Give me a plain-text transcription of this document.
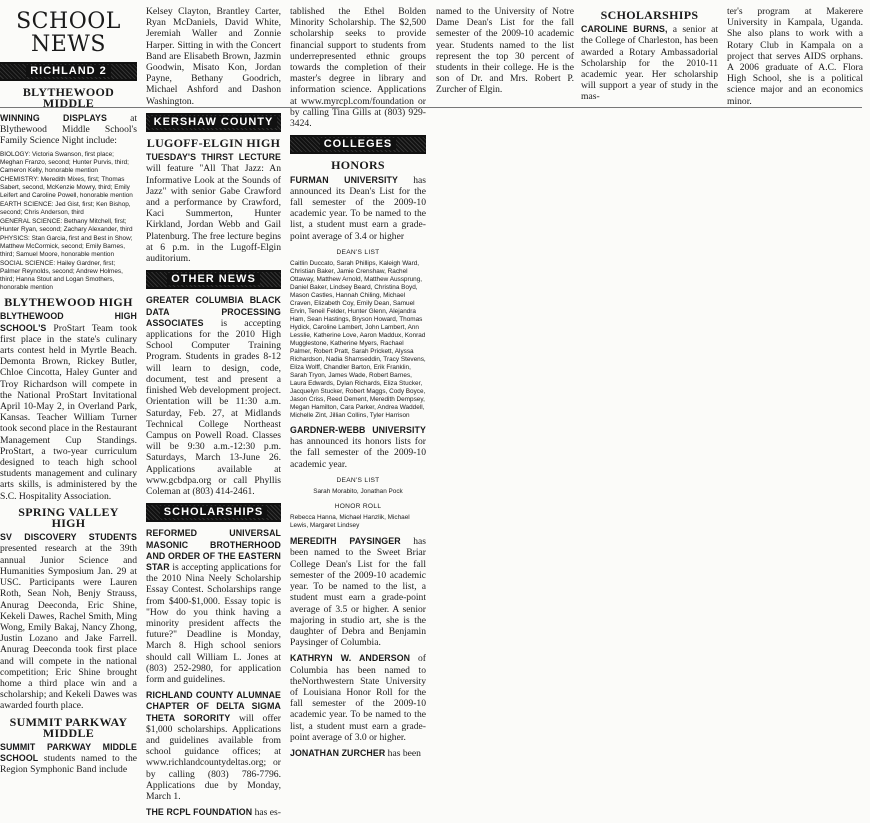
SCHOOL
NEWS
RICHLAND 2
BLYTHEWOOD MIDDLE

WINNING DISPLAYS at Blythewood Middle School's Family Science Night include:

BIOLOGY: Victoria Swanson, first place; Meghan Franzo, second; Hunter Purvis, third; Cameron Kelly, honorable mention
CHEMISTRY: Meredith Mixes, first; Thomas Sabert, second, McKenzie Mowry, third; Emily Leifert and Caroline Powell, honorable mention
EARTH SCIENCE: Jed Gist, first; Ken Bishop, second; Chris Anderson, third
GENERAL SCIENCE: Bethany Mitchell, first; Hunter Ryan, second; Zachary Alexander, third
PHYSICS: Stan Garcia, first and Best in Show; Matthew McCormick, second; Emily Barnes, third; Samuel Moore, honorable mention
SOCIAL SCIENCE: Hailey Gardner, first; Palmer Reynolds, second; Andrew Holmes, third; Hanna Stout and Logan Smothers, honorable mention
BLYTHEWOOD HIGH

BLYTHEWOOD HIGH SCHOOL'S ProStart Team took first place in the state's culinary arts contest held in Myrtle Beach. Demonta Brown, Rickey Butler, Chloe Cincotta, Haley Gunter and Troy Richardson will compete in the National ProStart Invitational April 10-May 2, in Overland Park, Kansas. Teacher William Turner took second place in the Restaurant Management Cup Standings. ProStart, a two-year curriculum designed to teach high school students management and culinary arts skills, is administered by the S.C. Hospitality Association.

SPRING VALLEY HIGH

SV DISCOVERY STUDENTS presented research at the 39th annual Junior Science and Humanities Symposium Jan. 29 at USC. Participants were Lauren Roth, Sean Noh, Benjy Strauss, Anurag Deeconda, Eric Shine, Kekeli Dawes, Rachel Smith, Ming Wong, Emily Bakaj, Nancy Zhong, Justin Lozano and Jake Farrell. Anurag Deeconda took first place and will compete in the national competition; Eric Shine brought home a third place win and a scholarship; and Kekeli Dawes was awarded fourth place.

SUMMIT PARKWAY MIDDLE

SUMMIT PARKWAY MIDDLE SCHOOL students named to the Region Symphonic Band include

Kelsey Clayton, Brantley Carter, Ryan McDaniels, David White, Jeremiah Waller and Zonnie Harper. Sitting in with the Concert Band are Elisabeth Brown, Jazmin Goodwin, Misato Kon, Jordan Payne, Bethany Goodrich, Michael Ashford and Dashon Washington.

KERSHAW COUNTY
LUGOFF-ELGIN HIGH

TUESDAY'S THIRST LECTURE will feature "All That Jazz: An Informative Look at the Sounds of Jazz" with senior Gabe Crawford and a performance by Crawford, Kaci Summerton, Hunter Kirkland, Jordan Webb and Gail Platenburg. The free lecture begins at 6 p.m. in the Lugoff-Elgin auditorium.

OTHER NEWS

GREATER COLUMBIA BLACK DATA PROCESSING ASSOCIATES is accepting applications for the 2010 High School Computer Training Program. Students in grades 8-12 will learn to design, code, document, test and present a finished Web development project. Orientation will be 11:30 a.m. Saturday, Feb. 27, at Midlands Technical College Northeast Campus on Powell Road. Classes will be 9:30 a.m.-12:30 p.m. Saturdays, March 13-June 26. Applications available at www.gcbdpa.org or call Phyllis Coleman at (803) 414-2461.

SCHOLARSHIPS

REFORMED UNIVERSAL MASONIC BROTHERHOOD AND ORDER OF THE EASTERN STAR is accepting applications for the 2010 Nina Neely Scholarship Essay Contest. Scholarships range from $400-$1,000. Essay topic is "How do you think having a minority president affects the future?" Deadline is Monday, March 8. High school seniors should call William L. Jones at (803) 252-2980, for application form and guidelines.

RICHLAND COUNTY ALUMNAE CHAPTER OF DELTA SIGMA THETA SORORITY will offer $1,000 scholarships. Applications and guidelines available from school guidance offices; at www.richlandcountydeltas.org; or by calling (803) 786-7796. Applications due by Monday, March 1.

THE RCPL FOUNDATION has es-

tablished the Ethel Bolden Minority Scholarship. The $2,500 scholarship seeks to provide financial support to students from underrepresented ethnic groups towards the completion of their master's degree in library and information science. Applications at www.myrcpl.com/foundation or by calling Tina Gills at (803) 929-3424.

COLLEGES
HONORS

FURMAN UNIVERSITY has announced its Dean's List for the fall semester of the 2009-10 academic year. To be named to the list, a student must earn a grade-point average of 3.4 or higher

DEAN'S LIST
Caitlin Duccato, Sarah Phillips, Kaleigh Ward, Christian Baker, Jamie Crenshaw, Rachel Ottaway, Matthew Arnold, Matthew Aussprung, Daniel Baker, Lindsey Beard, Christina Boyd, Mason Castles, Hannah Chiling, Michael Craven, Elizabeth Coy, Emily Dean, Samuel Ervin, Teneil Felder, Hunter Glenn, Alejandra Ham, Sean Hastings, Bryson Howard, Thomas Hydick, Caroline Lambert, John Lambert, Ann Lesslie, Katherine Love, Aaron Maddux, Konrad Mugglestone, Katherine Myers, Rachael Palmer, Robert Pratt, Sarah Prickett, Alyssa Richardson, Nadia Shamseddin, Tracy Stevens, Eliza Wolff, Chandler Barton, Erik Franklin, Sarah Tryon, James Wade, Robert Barnes, Laura Edwards, Dylan Richards, Eliza Stucker, Jacquelyn Stucker, Robert Maggs, Cody Boyce, Jason Criss, Reed Dement, Meredith Dempsey, Megan Hamilton, Cara Parker, Andrea Waddell, Michelle Zint, Jillian Collins, Tyler Harrison

GARDNER-WEBB UNIVERSITY has announced its honors lists for the fall semester of the 2009-10 academic year.

DEAN'S LIST
Sarah Morabito, Jonathan Pock
HONOR ROLL
Rebecca Hanna, Michael Hanzlik, Michael Lewis, Margaret Lindsey

MEREDITH PAYSINGER has been named to the Sweet Briar College Dean's List for the fall semester of the 2009-10 academic year. To be named to the list, a student must earn a grade-point average of 3.5 or higher. A senior majoring in studio art, she is the daughter of Debra and Benjamin Paysinger of Columbia.

KATHRYN W. ANDERSON of Columbia has been named to theNorthwestern State University of Louisiana Honor Roll for the fall semester of the 2009-10 academic year. To be named to the list, a student must earn a grade-point average of 3.0 or higher.

JONATHAN ZURCHER has been

named to the University of Notre Dame Dean's List for the fall semester of the 2009-10 academic year. Students named to the list represent the top 30 percent of students in their college. He is the son of Dr. and Mrs. Robert P. Zurcher of Elgin.

SCHOLARSHIPS

CAROLINE BURNS, a senior at the College of Charleston, has been awarded a Rotary Ambassadorial Scholarship for the 2010-11 academic year. Her scholarship will support a year of study in the mas-

ter's program at Makerere University in Kampala, Uganda. She also plans to work with a Rotary Club in Kampala on a project that serves AIDS orphans. A 2006 graduate of A.C. Flora High School, she is a political science major and an economics minor.
